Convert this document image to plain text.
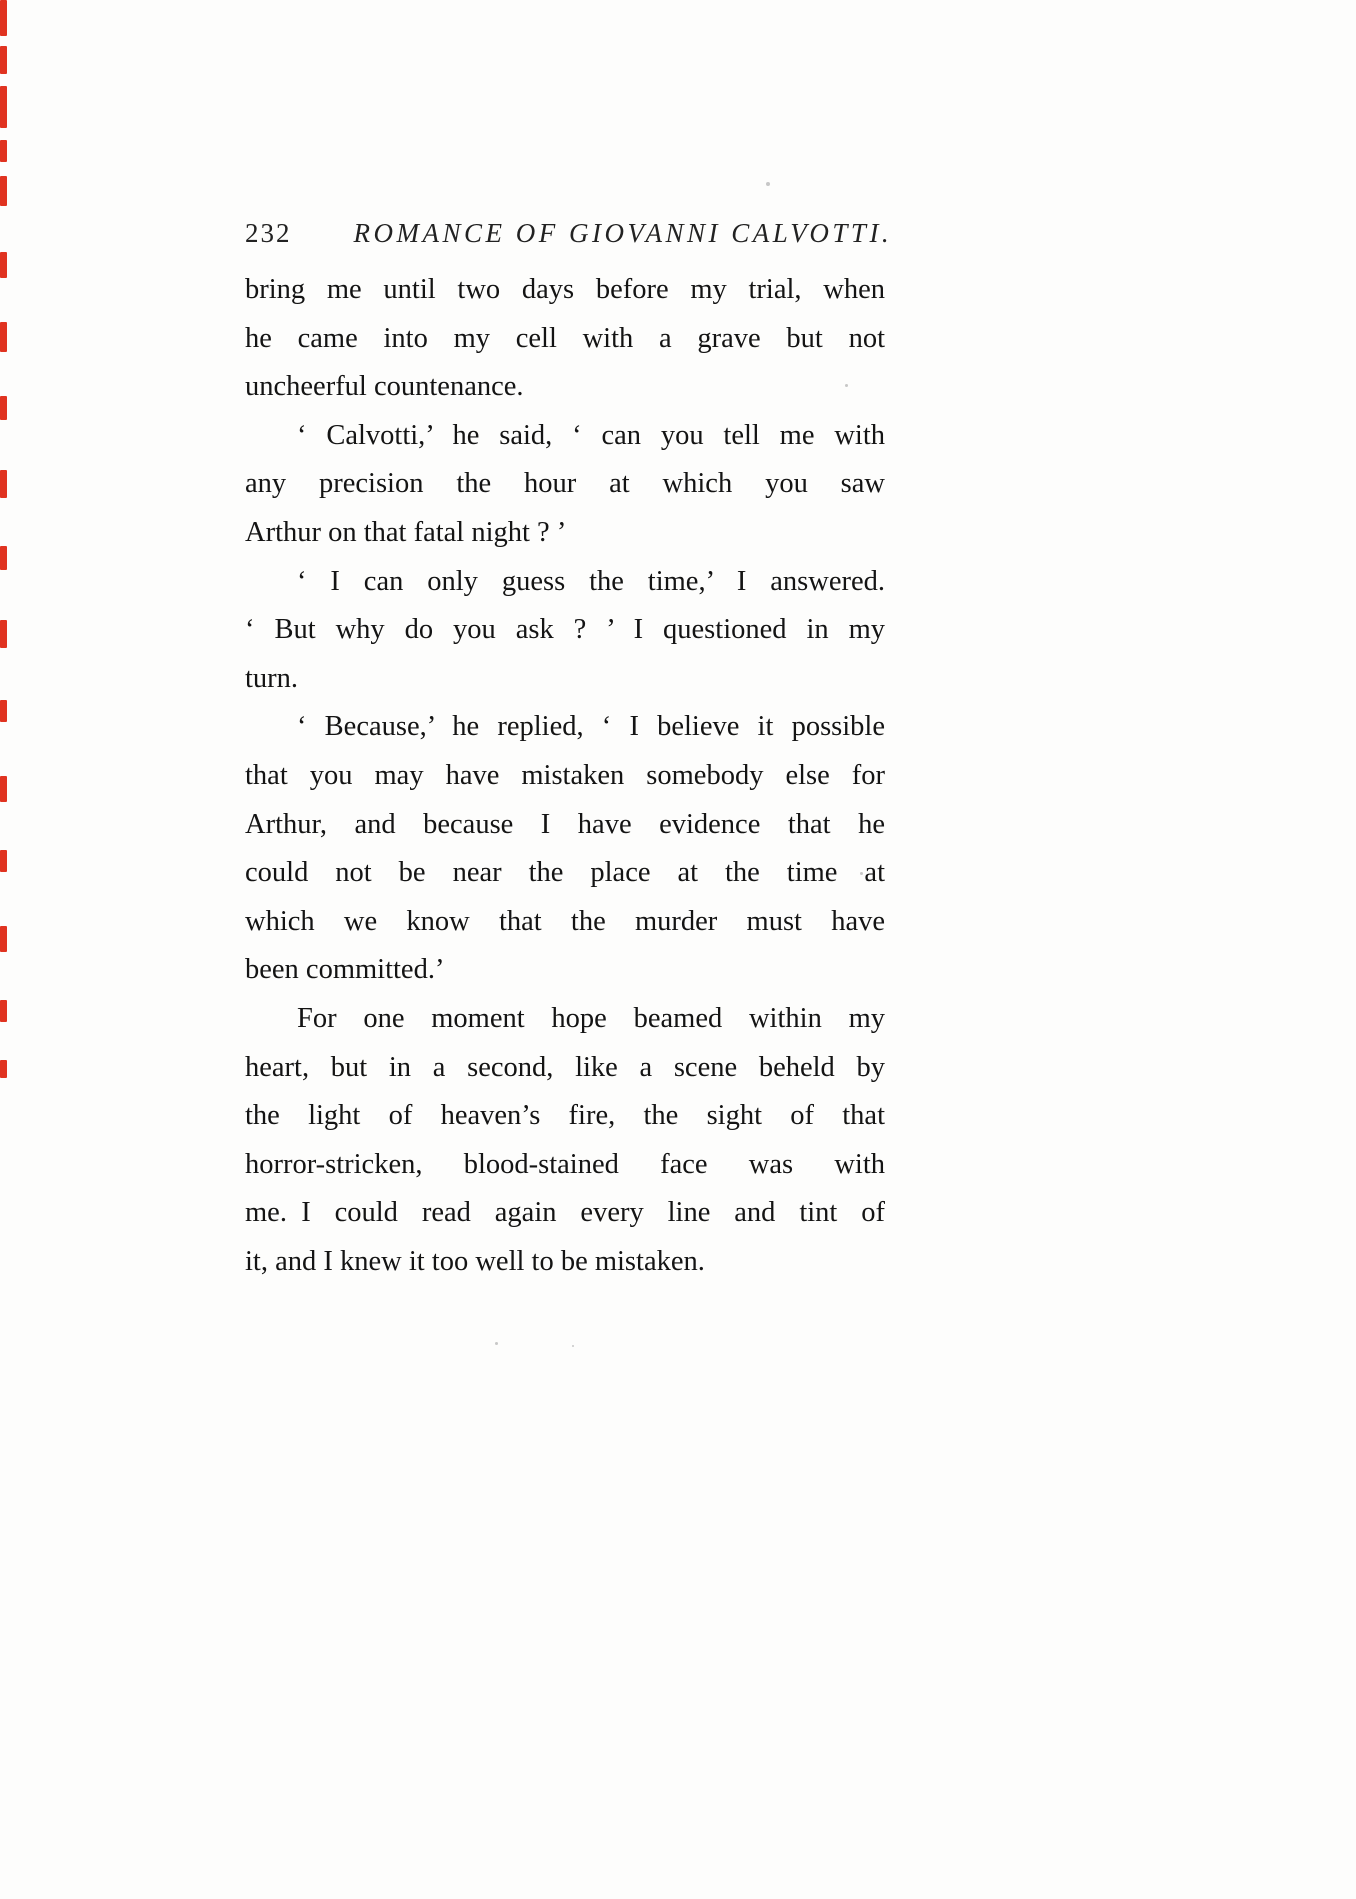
232 ROMANCE OF GIOVANNI CALVOTTI.
bring me until two days before my trial, when
he came into my cell with a grave but not
uncheerful countenance.
‘ Calvotti,’ he said, ‘ can you tell me with
any precision the hour at which you saw
Arthur on that fatal night ? ’
‘ I can only guess the time,’ I answered.
‘ But why do you ask ? ’ I questioned in my
turn.
‘ Because,’ he replied, ‘ I believe it possible
that you may have mistaken somebody else for
Arthur, and because I have evidence that he
could not be near the place at the time at
which we know that the murder must have
been committed.’
For one moment hope beamed within my
heart, but in a second, like a scene beheld by
the light of heaven’s fire, the sight of that
horror-stricken, blood-stained face was with
me. I could read again every line and tint of
it, and I knew it too well to be mistaken.
